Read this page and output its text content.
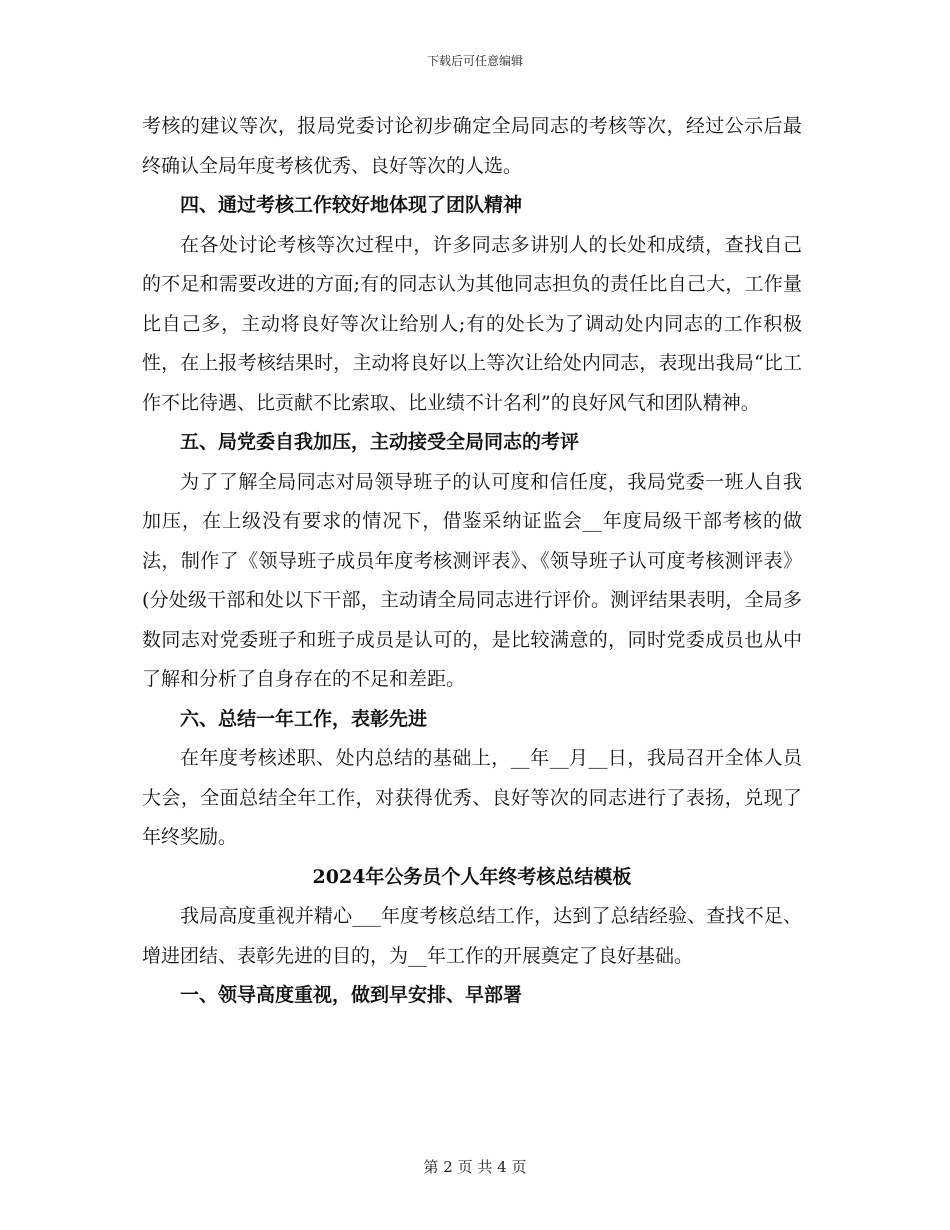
下载后可任意编辑

考核的建议等次，报局党委讨论初步确定全局同志的考核等次，经过公示后最终确认全局年度考核优秀、良好等次的人选。

四、通过考核工作较好地体现了团队精神

在各处讨论考核等次过程中，许多同志多讲别人的长处和成绩，查找自己的不足和需要改进的方面;有的同志认为其他同志担负的责任比自己大，工作量比自己多，主动将良好等次让给别人;有的处长为了调动处内同志的工作积极性，在上报考核结果时，主动将良好以上等次让给处内同志，表现出我局“比工作不比待遇、比贡献不比索取、比业绩不计名利”的良好风气和团队精神。

五、局党委自我加压，主动接受全局同志的考评

为了了解全局同志对局领导班子的认可度和信任度，我局党委一班人自我加压，在上级没有要求的情况下，借鉴采纳证监会__年度局级干部考核的做法，制作了《领导班子成员年度考核测评表》、《领导班子认可度考核测评表》(分处级干部和处以下干部，主动请全局同志进行评价。测评结果表明，全局多数同志对党委班子和班子成员是认可的，是比较满意的，同时党委成员也从中了解和分析了自身存在的不足和差距。

六、总结一年工作，表彰先进

在年度考核述职、处内总结的基础上，__年__月__日，我局召开全体人员大会，全面总结全年工作，对获得优秀、良好等次的同志进行了表扬，兑现了年终奖励。

2024年公务员个人年终考核总结模板

我局高度重视并精心___年度考核总结工作，达到了总结经验、查找不足、增进团结、表彰先进的目的，为__年工作的开展奠定了良好基础。

一、领导高度重视，做到早安排、早部署

第 2 页 共 4 页
